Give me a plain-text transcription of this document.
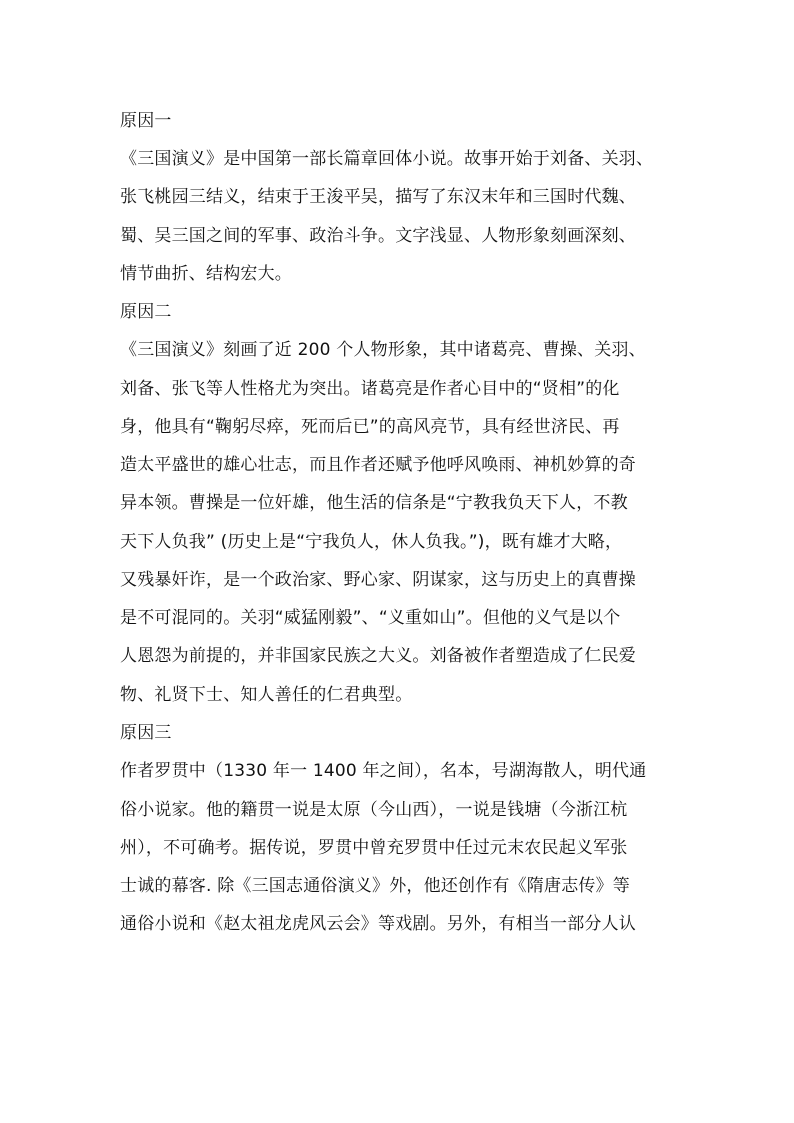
原因一
《三国演义》是中国第一部长篇章回体小说。故事开始于刘备、关羽、
张飞桃园三结义，结束于王浚平吴，描写了东汉末年和三国时代魏、
蜀、吴三国之间的军事、政治斗争。文字浅显、人物形象刻画深刻、
情节曲折、结构宏大。
原因二
《三国演义》刻画了近 200 个人物形象，其中诸葛亮、曹操、关羽、
刘备、张飞等人性格尤为突出。诸葛亮是作者心目中的“贤相”的化
身，他具有“鞠躬尽瘁，死而后已”的高风亮节，具有经世济民、再
造太平盛世的雄心壮志，而且作者还赋予他呼风唤雨、神机妙算的奇
异本领。曹操是一位奸雄，他生活的信条是“宁教我负天下人，不教
天下人负我” (历史上是“宁我负人，休人负我。”)，既有雄才大略，
又残暴奸诈，是一个政治家、野心家、阴谋家，这与历史上的真曹操
是不可混同的。关羽“威猛刚毅”、“义重如山”。但他的义气是以个
人恩怨为前提的，并非国家民族之大义。刘备被作者塑造成了仁民爱
物、礼贤下士、知人善任的仁君典型。
原因三
作者罗贯中（1330 年一 1400 年之间），名本，号湖海散人，明代通
俗小说家。他的籍贯一说是太原（今山西），一说是钱塘（今浙江杭
州），不可确考。据传说，罗贯中曾充罗贯中任过元末农民起义军张
士诚的幕客. 除《三国志通俗演义》外，他还创作有《隋唐志传》等
通俗小说和《赵太祖龙虎风云会》等戏剧。另外，有相当一部分人认
